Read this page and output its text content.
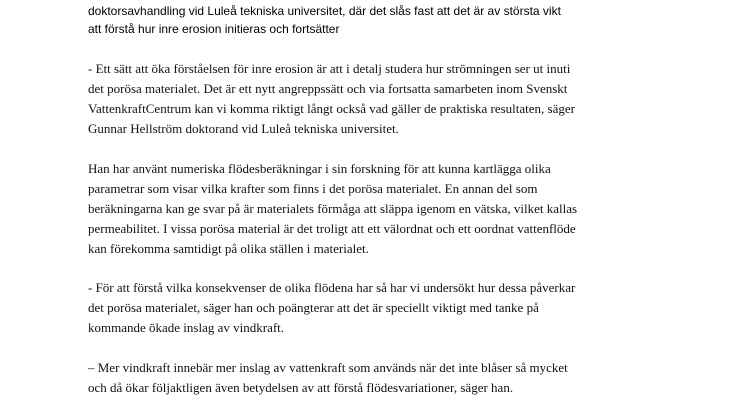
doktorsavhandling vid Luleå tekniska universitet, där det slås fast att det är av största vikt
att förstå hur inre erosion initieras och fortsätter
- Ett sätt att öka förståelsen för inre erosion är att i detalj studera hur strömningen ser ut inuti
det porösa materialet. Det är ett nytt angreppssätt och via fortsatta samarbeten inom Svenskt
VattenkraftCentrum kan vi komma riktigt långt också vad gäller de praktiska resultaten, säger
Gunnar Hellström doktorand vid Luleå tekniska universitet.
Han har använt numeriska flödesberäkningar i sin forskning för att kunna kartlägga olika
parametrar som visar vilka krafter som finns i det porösa materialet. En annan del som
beräkningarna kan ge svar på är materialets förmåga att släppa igenom en vätska, vilket kallas
permeabilitet. I vissa porösa material är det troligt att ett välordnat och ett oordnat vattenflöde
kan förekomma samtidigt på olika ställen i materialet.
- För att förstå vilka konsekvenser de olika flödena har så har vi undersökt hur dessa påverkar
det porösa materialet, säger han och poängterar att det är speciellt viktigt med tanke på
kommande ökade inslag av vindkraft.
– Mer vindkraft innebär mer inslag av vattenkraft som används när det inte blåser så mycket
och då ökar följaktligen även betydelsen av att förstå flödesvariationer, säger han.
